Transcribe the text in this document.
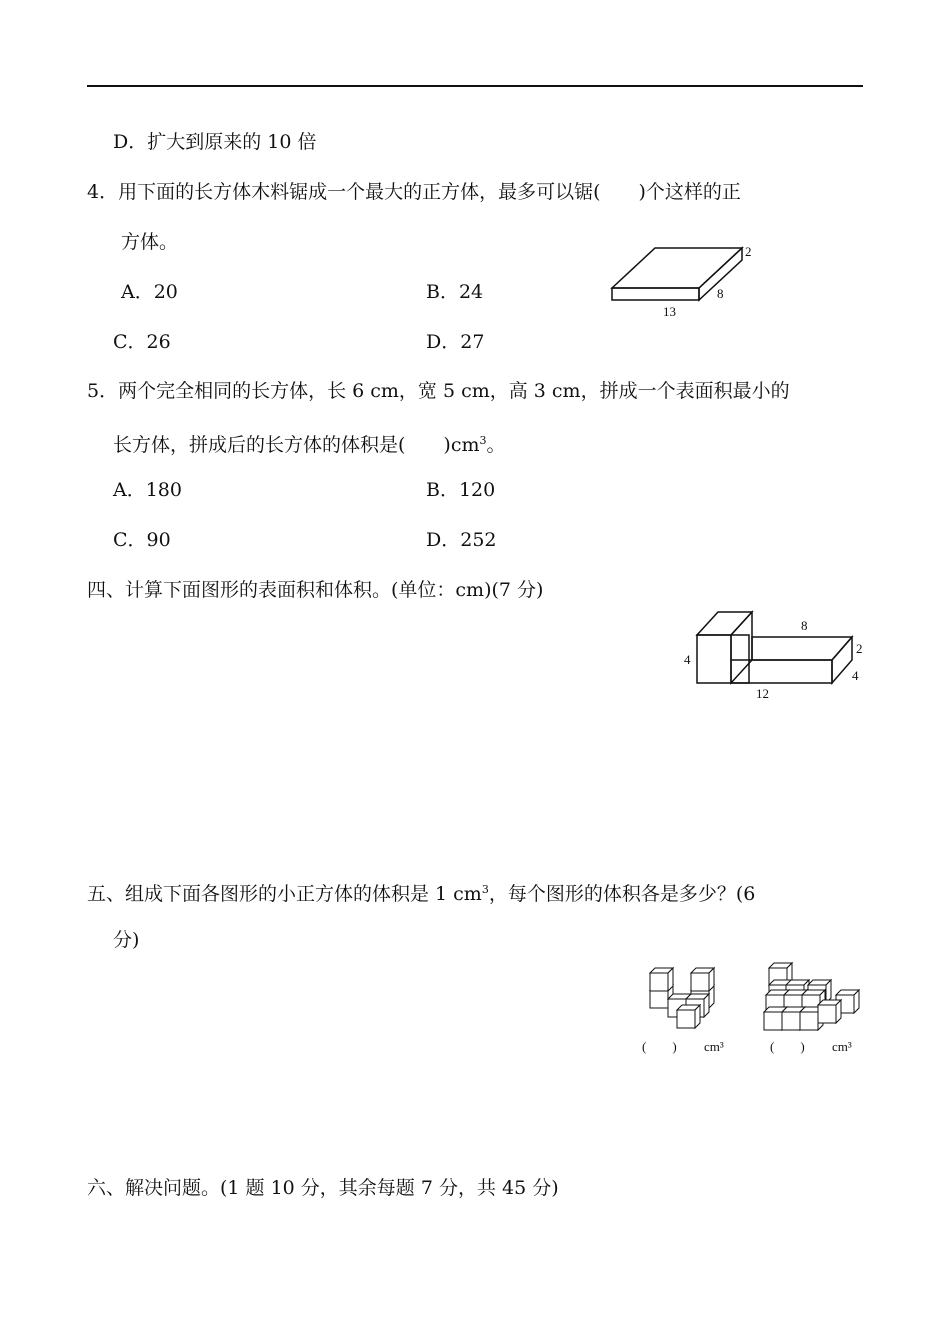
D．扩大到原来的 10 倍
4．用下面的长方体木料锯成一个最大的正方体，最多可以锯(　　)个这样的正
方体。
A．20	B．24
C．26	D．27
13
8
2
5．两个完全相同的长方体，长 6 cm，宽 5 cm，高 3 cm，拼成一个表面积最小的
长方体，拼成后的长方体的体积是(　　)$cm^3$。
A．180	B．120
C．90	D．252
四、计算下面图形的表面积和体积。(单位：cm)(7 分)
8
2
4
4
12
五、组成下面各图形的小正方体的体积是 1 $cm^3$，每个图形的体积各是多少？(6
分)
(　　) cm³	(　　) cm³
六、解决问题。(1 题 10 分，其余每题 7 分，共 45 分)
